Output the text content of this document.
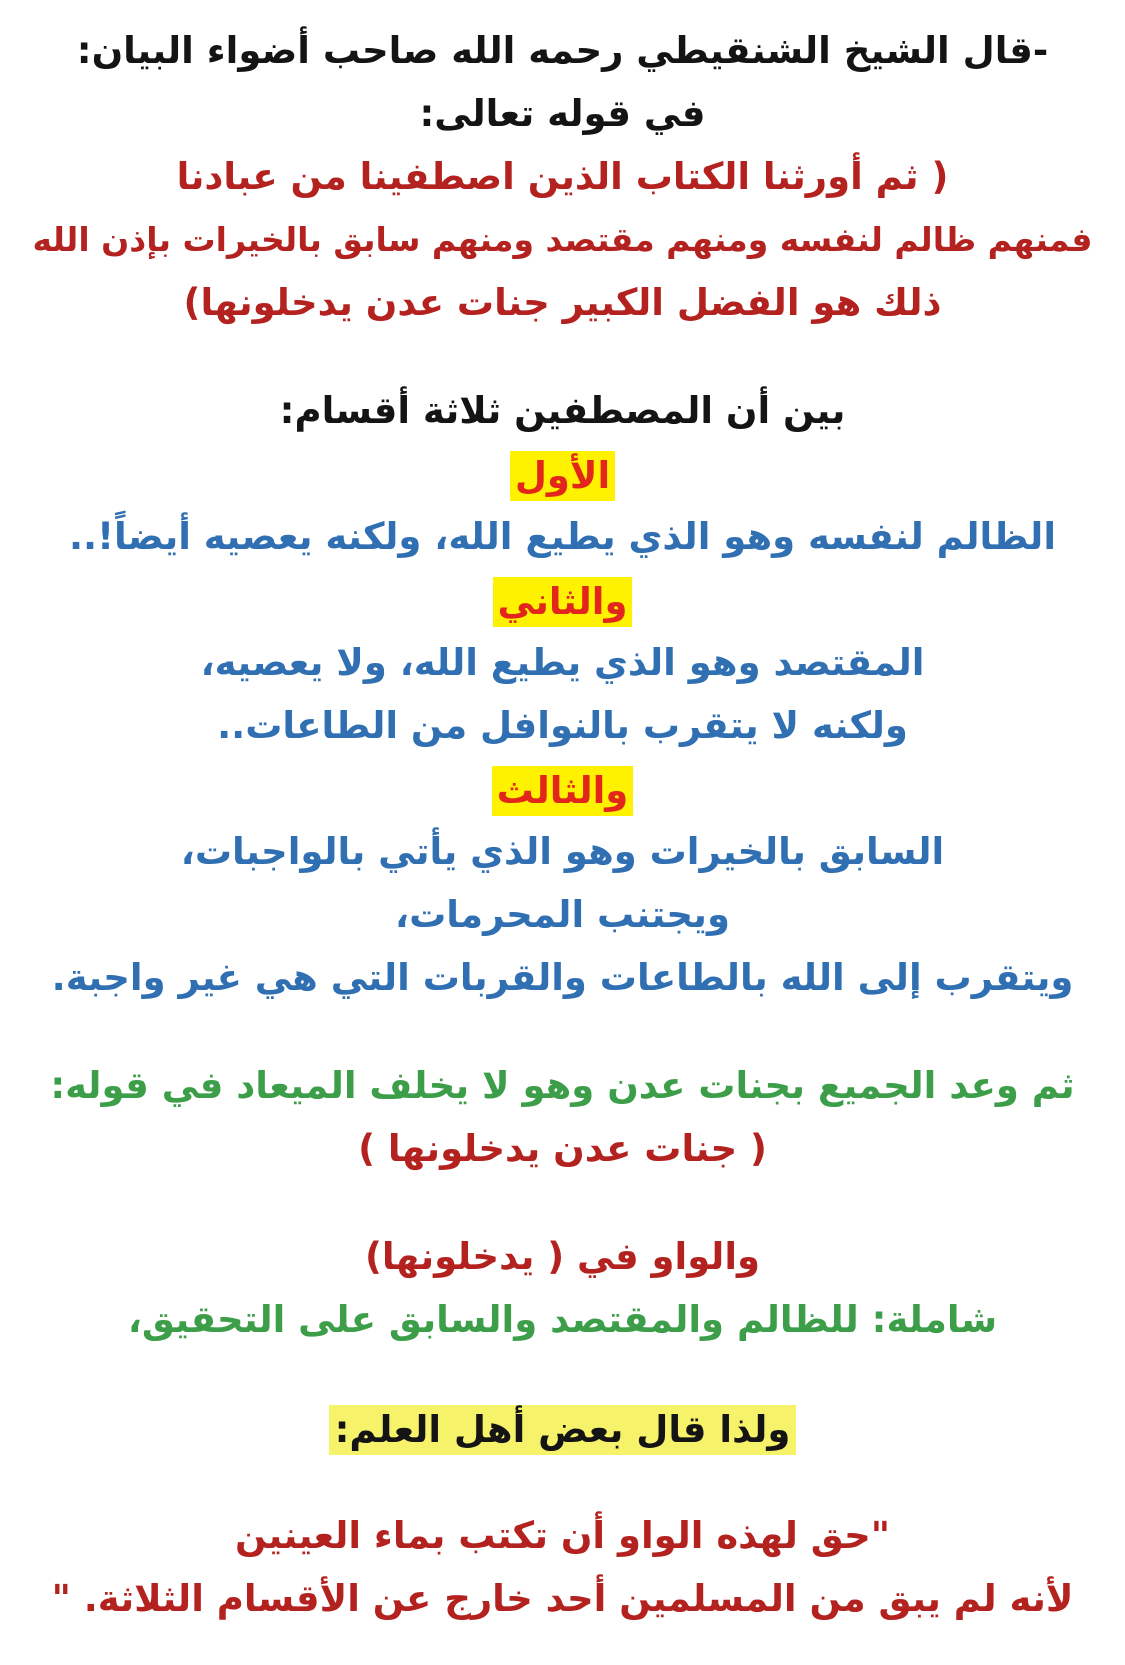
-قال الشيخ الشنقيطي رحمه الله صاحب أضواء البيان:
في قوله تعالى:
( ثم أورثنا الكتاب الذين اصطفينا من عبادنا
فمنهم ظالم لنفسه ومنهم مقتصد ومنهم سابق بالخيرات بإذن الله
ذلك هو الفضل الكبير جنات عدن يدخلونها)
بين أن المصطفين ثلاثة أقسام:
الأول
الظالم لنفسه وهو الذي يطيع الله، ولكنه يعصيه أيضاً!..
والثاني
المقتصد وهو الذي يطيع الله، ولا يعصيه،
ولكنه لا يتقرب بالنوافل من الطاعات..
والثالث
السابق بالخيرات وهو الذي يأتي بالواجبات،
ويجتنب المحرمات،
ويتقرب إلى الله بالطاعات والقربات التي هي غير واجبة.
ثم وعد الجميع بجنات عدن وهو لا يخلف الميعاد في قوله:
( جنات عدن يدخلونها )
والواو في ( يدخلونها)
شاملة: للظالم والمقتصد والسابق على التحقيق،
ولذا قال بعض أهل العلم:
"حق لهذه الواو أن تكتب بماء العينين
لأنه لم يبق من المسلمين أحد خارج عن الأقسام الثلاثة. "
